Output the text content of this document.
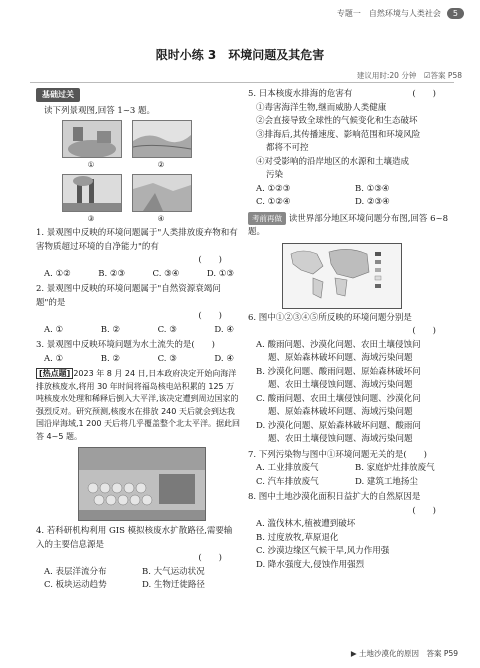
专题一　自然环境与人类社会	5
限时小练 3　环境问题及其危害
建议用时:20 分钟　☑答案 P58
基础过关
读下列景观图,回答 1~3 题。
①	②
③	④
1. 景观图中反映的环境问题属于"人类排放废弃物和有害物质超过环境的自净能力"的有
(　　)
A. ①②	B. ②③	C. ③④	D. ①③
2. 景观图中反映的环境问题属于"自然资源衰竭问题"的是
(　　)
A. ①	B. ②	C. ③	D. ④
3. 景观图中反映环境问题为水土流失的是(　　)
A. ①	B. ②	C. ③	D. ④
[热点题] 2023 年 8 月 24 日,日本政府决定开始向海洋排放核废水,将用 30 年时间将福岛核电站积累的 125 万吨核废水处理和稀释后倒入大平洋,该决定遭到周边国家的强烈反对。研究预测,核废水在排放 240 天后就会到达我国沿岸海域,1 200 天后将几乎覆盖整个北太平洋。据此回答 4~5 题。
4. 若科研机构利用 GIS 模拟核废水扩散路径,需要输入的主要信息源是
(　　)
A. 表层洋流分布	B. 大气运动状况
C. 板块运动趋势	D. 生物迁徙路径
5. 日本核废水排海的危害有	(　　)
①毒害海洋生物,继而威胁人类健康
②会直接导致全球性的气候变化和生态破坏
③排海后,其传播速度、影响范围和环境风险
都将不可控
④对受影响的沿岸地区的水源和土壤造成
污染
A. ①②③	B. ①③④
C. ①②④	D. ②③④
考前再做 读世界部分地区环境问题分布图,回答 6~8 题。
6. 图中①②③④⑤所反映的环境问题分别是
(　　)
A. 酸雨问题、沙漠化问题、农田土壤侵蚀问
题、原始森林破坏问题、海域污染问题
B. 沙漠化问题、酸雨问题、原始森林破坏问
题、农田土壤侵蚀问题、海域污染问题
C. 酸雨问题、农田土壤侵蚀问题、沙漠化问
题、原始森林破坏问题、海域污染问题
D. 沙漠化问题、原始森林破坏问题、酸雨问
题、农田土壤侵蚀问题、海域污染问题
7. 下列污染物与图中①环境问题无关的是(　　)
A. 工业排放废气	B. 家庭炉灶排放废气
C. 汽车排放废气	D. 建筑工地扬尘
8. 图中土地沙漠化面积日益扩大的自然原因是
(　　)
A. 滥伐林木,植被遭到破坏
B. 过度放牧,草原退化
C. 沙漠边缘区气候干旱,风力作用强
D. 降水强度大,侵蚀作用强烈
▶ 土地沙漠化的原因　答案 P59
